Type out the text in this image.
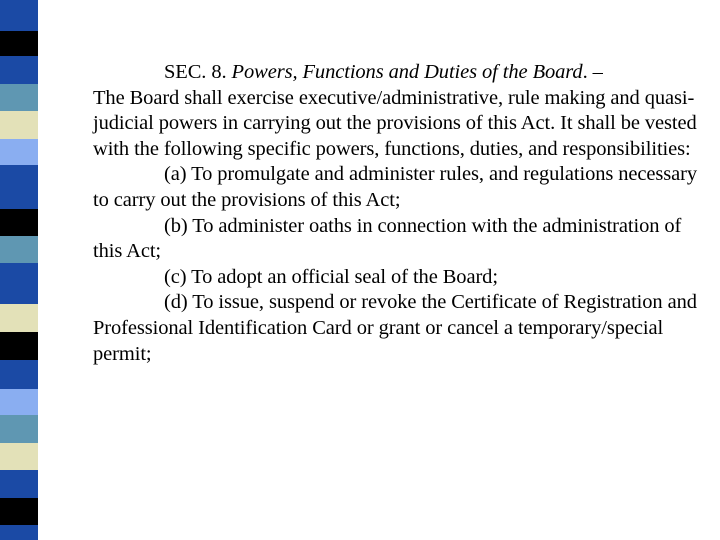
SEC. 8. Powers, Functions and Duties of the Board. –

The Board shall exercise executive/administrative, rule making and quasi-judicial powers in carrying out the provisions of this Act. It shall be vested with the following specific powers, functions, duties, and responsibilities:

(a) To promulgate and administer rules, and regulations necessary to carry out the provisions of this Act;

(b) To administer oaths in connection with the administration of this Act;

(c) To adopt an official seal of the Board;

(d) To issue, suspend or revoke the Certificate of Registration and Professional Identification Card or grant or cancel a temporary/special permit;
